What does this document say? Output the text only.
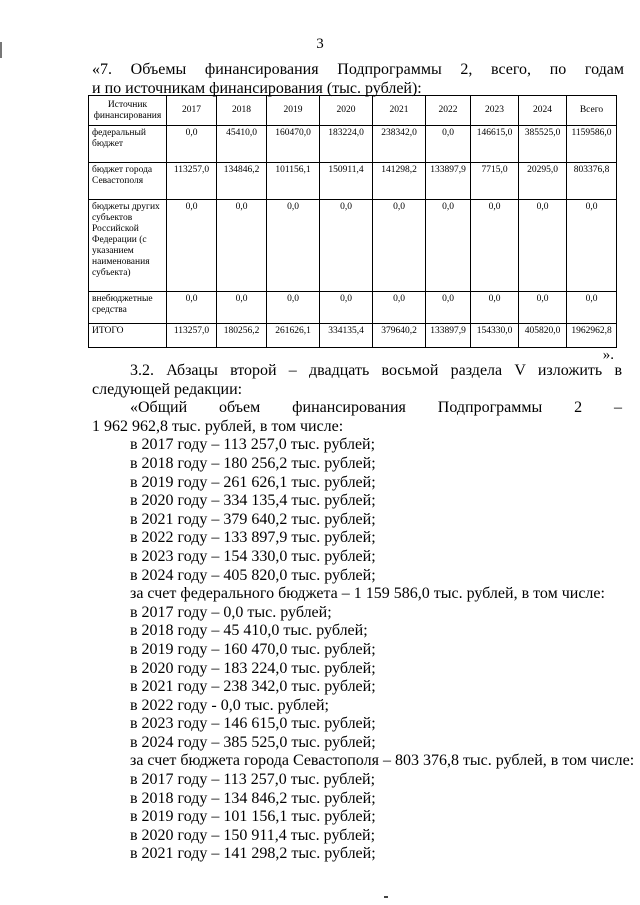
3
«7. Объемы финансирования Подпрограммы 2, всего, по годам
и по источникам финансирования (тыс. рублей):
Источник финансирования	2017	2018	2019	2020	2021	2022	2023	2024	Всего
федеральный бюджет	0,0	45410,0	160470,0	183224,0	238342,0	0,0	146615,0	385525,0	1159586,0
бюджет города Севастополя	113257,0	134846,2	101156,1	150911,4	141298,2	133897,9	7715,0	20295,0	803376,8
бюджеты других субъектов Российской Федерации (с указанием наименования субъекта)	0,0	0,0	0,0	0,0	0,0	0,0	0,0	0,0	0,0
внебюджетные средства	0,0	0,0	0,0	0,0	0,0	0,0	0,0	0,0	0,0
ИТОГО	113257,0	180256,2	261626,1	334135,4	379640,2	133897,9	154330,0	405820,0	1962962,8
».
3.2. Абзацы второй – двадцать восьмой раздела V изложить в следующей редакции:
«Общий объем финансирования Подпрограммы 2 –
1 962 962,8 тыс. рублей, в том числе:
в 2017 году – 113 257,0 тыс. рублей;
в 2018 году – 180 256,2 тыс. рублей;
в 2019 году – 261 626,1 тыс. рублей;
в 2020 году – 334 135,4 тыс. рублей;
в 2021 году – 379 640,2 тыс. рублей;
в 2022 году – 133 897,9 тыс. рублей;
в 2023 году – 154 330,0 тыс. рублей;
в 2024 году – 405 820,0 тыс. рублей;
за счет федерального бюджета – 1 159 586,0 тыс. рублей, в том числе:
в 2017 году – 0,0 тыс. рублей;
в 2018 году – 45 410,0 тыс. рублей;
в 2019 году – 160 470,0 тыс. рублей;
в 2020 году – 183 224,0 тыс. рублей;
в 2021 году – 238 342,0 тыс. рублей;
в 2022 году - 0,0 тыс. рублей;
в 2023 году – 146 615,0 тыс. рублей;
в 2024 году – 385 525,0 тыс. рублей;
за счет бюджета города Севастополя – 803 376,8 тыс. рублей, в том числе:
в 2017 году – 113 257,0 тыс. рублей;
в 2018 году – 134 846,2 тыс. рублей;
в 2019 году – 101 156,1 тыс. рублей;
в 2020 году – 150 911,4 тыс. рублей;
в 2021 году – 141 298,2 тыс. рублей;
